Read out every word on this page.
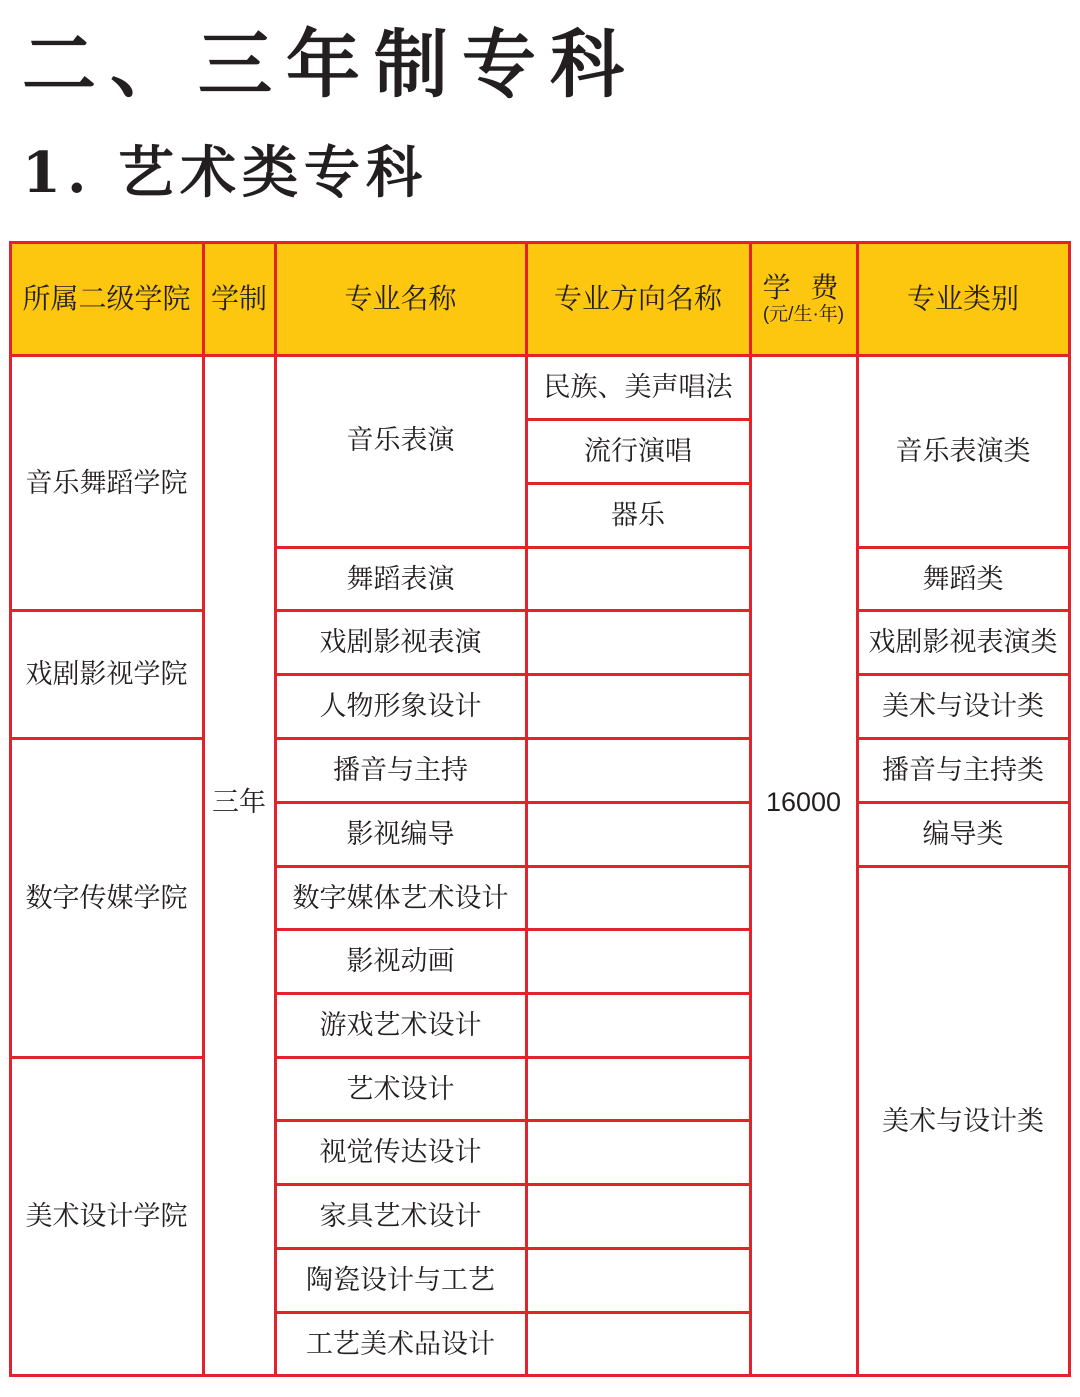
二、三年制专科
1. 艺术类专科
所属二级学院 学制	专业名称	专业方向名称 学 费
(元/生·年)
专业类别
音乐舞蹈学院
戏剧影视学院
数字传媒学院
美术设计学院
三年
音乐表演
舞蹈表演
戏剧影视表演
人物形象设计
播音与主持
影视编导
数字媒体艺术设计
影视动画
游戏艺术设计
艺术设计
视觉传达设计
家具艺术设计
陶瓷设计与工艺
工艺美术品设计
民族、美声唱法
流行演唱
器乐
16000
音乐表演类
舞蹈类
戏剧影视表演类
美术与设计类
播音与主持类
编导类
美术与设计类
